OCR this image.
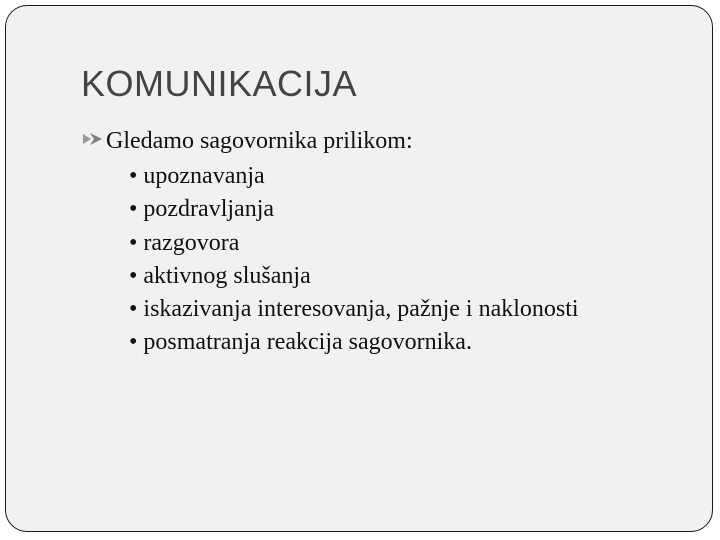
KOMUNIKACIJA
Gledamo sagovornika prilikom:
• upoznavanja
• pozdravljanja
• razgovora
• aktivnog slušanja
• iskazivanja interesovanja, pažnje i naklonosti
• posmatranja reakcija sagovornika.
